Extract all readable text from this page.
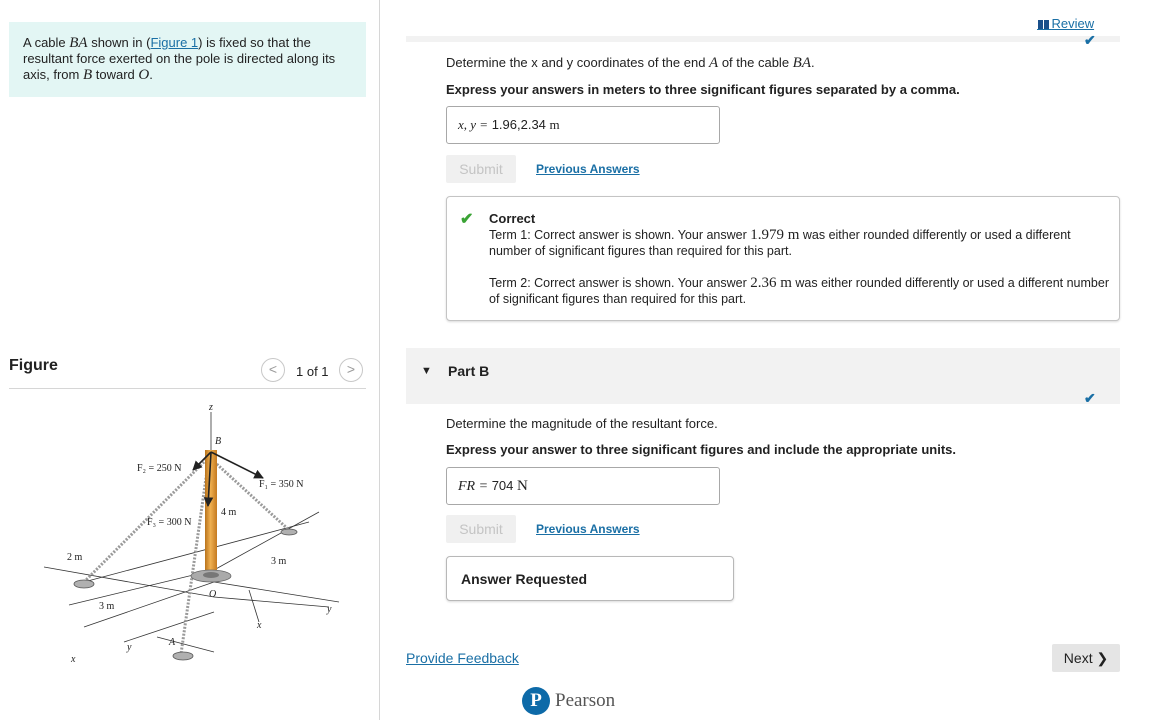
A cable BA shown in (Figure 1) is fixed so that the resultant force exerted on the pole is directed along its axis, from B toward O.
Figure	<	1 of 1	>
z
B
F₂ = 250 N
F₁ = 350 N
F₃ = 300 N
4 m
2 m	3 m
3 m
O
A
x
y
y
x
Review
✔
Determine the x and y coordinates of the end A of the cable BA.
Express your answers in meters to three significant figures separated by a comma.
x, y = 1.96,2.34 m
Submit	Previous Answers
✔ Correct
Term 1: Correct answer is shown. Your answer 1.979 m was either rounded differently or used a different number of significant figures than required for this part.
Term 2: Correct answer is shown. Your answer 2.36 m was either rounded differently or used a different number of significant figures than required for this part.
▼ Part B
✔
Determine the magnitude of the resultant force.
Express your answer to three significant figures and include the appropriate units.
FR = 704 N
Submit	Previous Answers
Answer Requested
Provide Feedback	Next ❯
P Pearson
